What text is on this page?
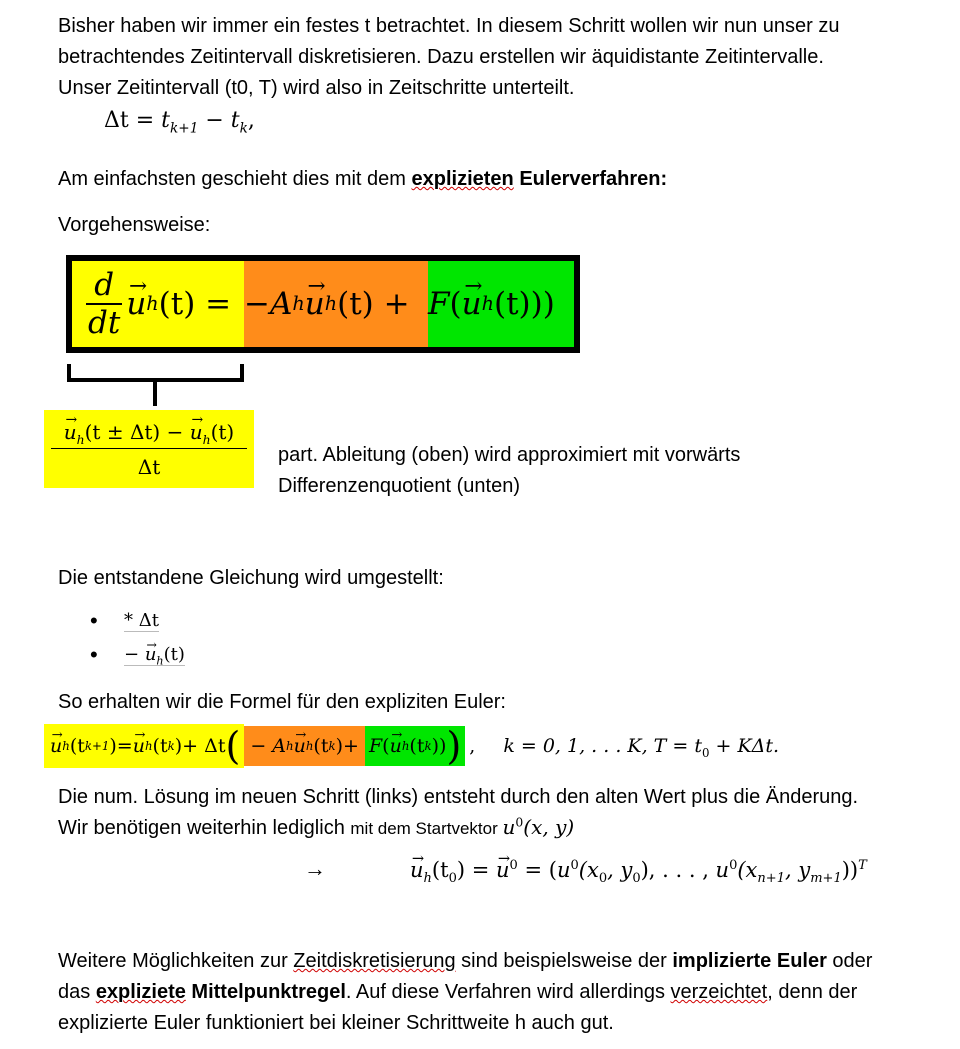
Bisher haben wir immer ein festes t betrachtet. In diesem Schritt wollen wir nun unser zu
betrachtendes Zeitintervall diskretisieren. Dazu erstellen wir äquidistante Zeitintervalle.
Unser Zeitintervall (t0, T) wird also in Zeitschritte unterteilt.
$\Delta t = t_{k+1} - t_k$,
Am einfachsten geschieht dies mit dem explizieten Eulerverfahren:
Vorgehensweise:
$\frac{d}{dt}$
→ u h (t)
= −A h
→ u h (t)
+ F (
→ u h (t) ))
→ $\frac{u_h(t \pm \Delta t) - \to u_h(t)}{\Delta t}$ part. Ableitung (oben) wird approximiert mit vorwärts
Differenzenquotient (unten)
Die entstandene Gleichung wird umgestellt:
•	* Δt
•	− → $u_h(t)$
So erhalten wir die Formel für den expliziten Euler:
→ u h (t k+1 ) =
→ u h (t k ) + Δt ( − A h
→ u h (t k ) + F (
→ u h (t k )) ) ,	k = 0, 1, . . . K, $T = t_0 + K\Delta t$.
Die num. Lösung im neuen Schritt (links) entsteht durch den alten Wert plus die Änderung.
Wir benötigen weiterhin lediglich mit dem Startvektor $u^0(x$, y)
→
→	$u_h(t_0)$ = → $u^0 = (u^0(x_0$, $y_0$), . . . , $u^0(x_{n+1}$, $y_{m+1}))^T$
Weitere Möglichkeiten zur Zeitdiskretisierung sind beispielsweise der implizierte Euler oder
das expliziete Mittelpunktregel. Auf diese Verfahren wird allerdings verzeichtet, denn der
explizierte Euler funktioniert bei kleiner Schrittweite h auch gut.
